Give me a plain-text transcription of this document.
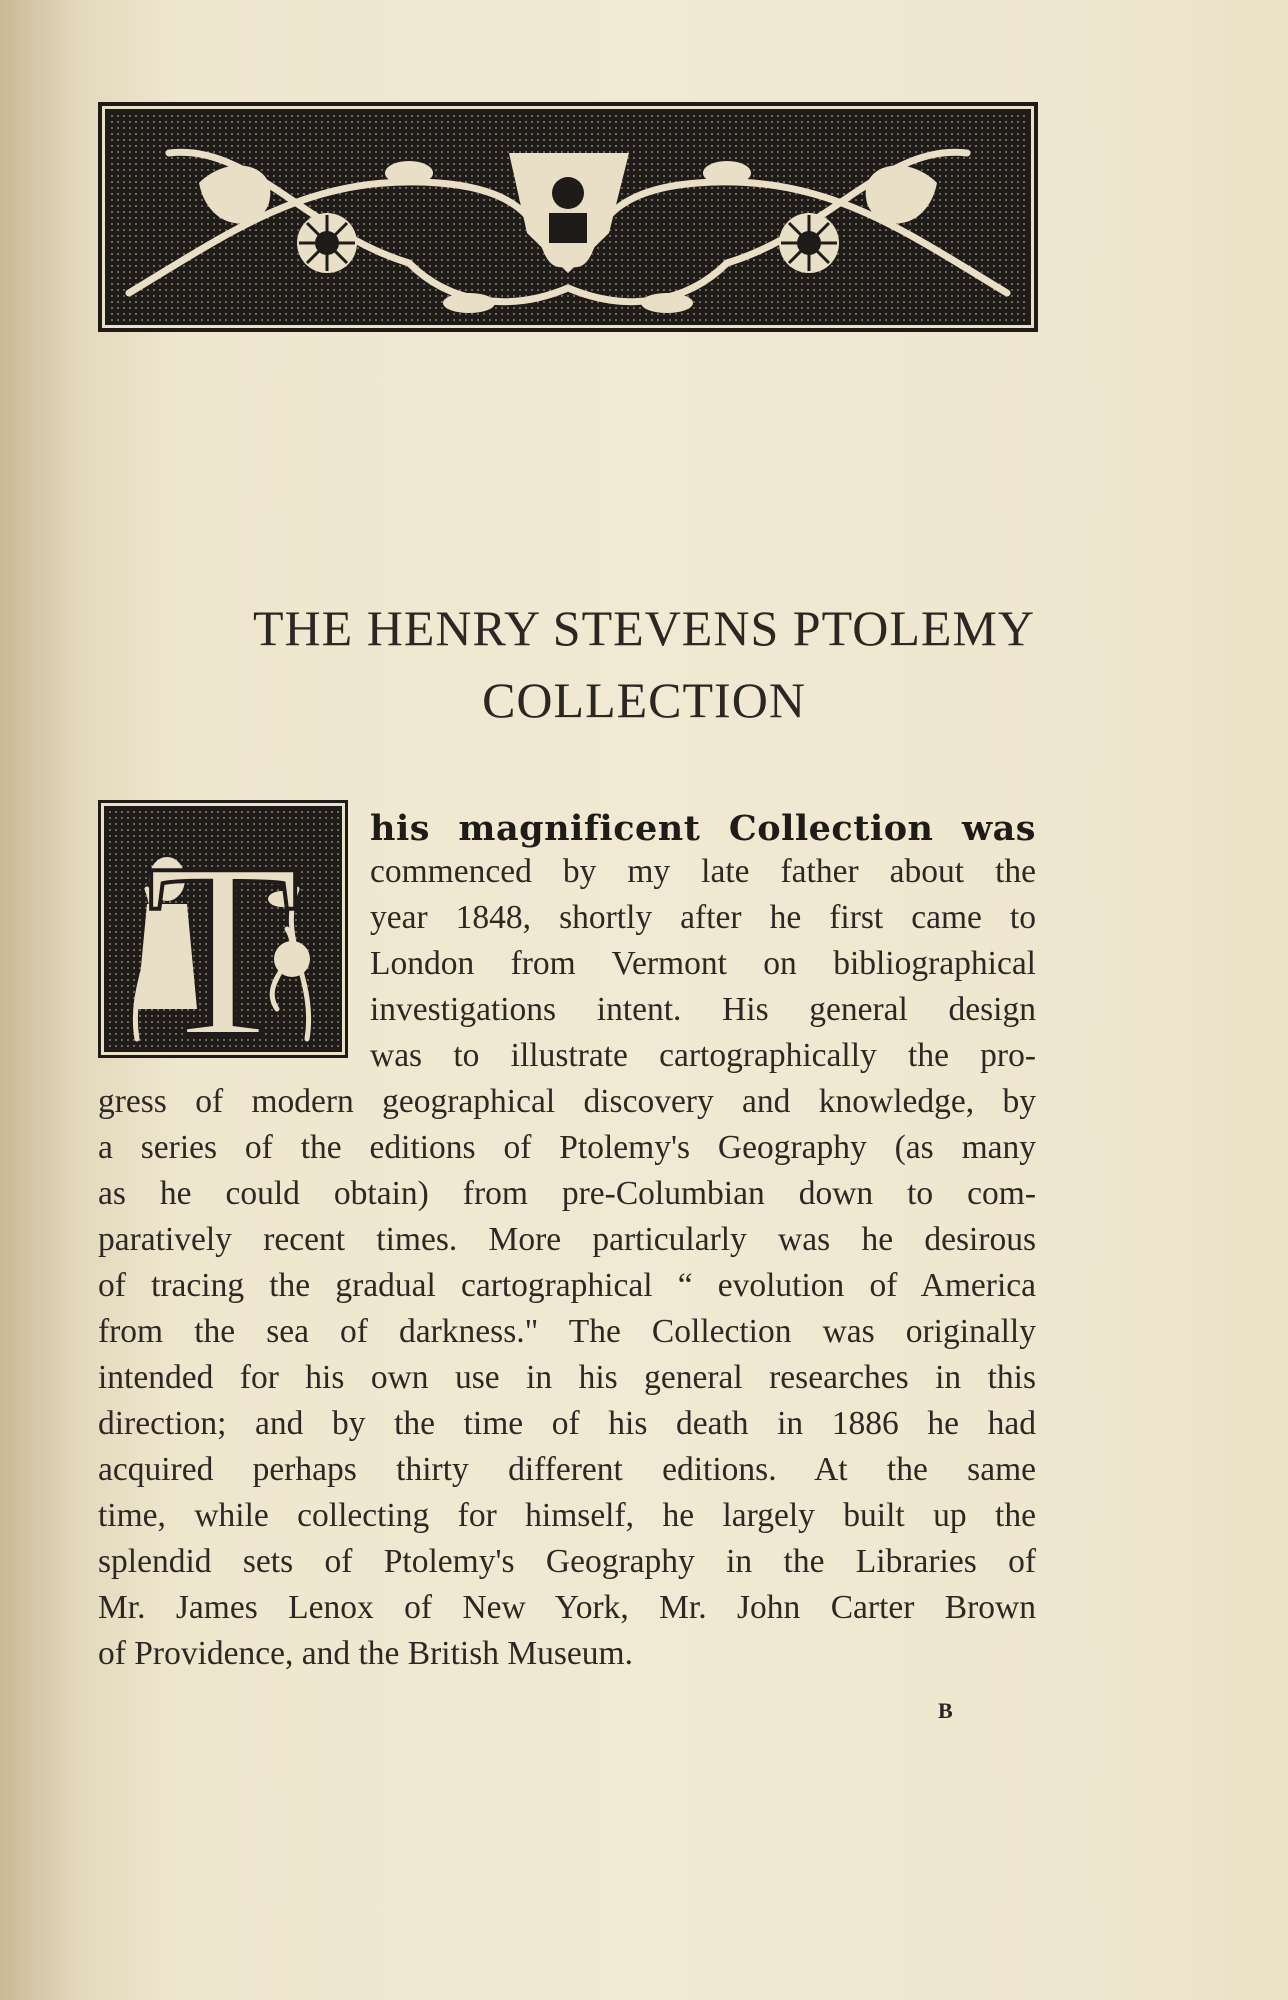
THE HENRY STEVENS PTOLEMY
COLLECTION
T his magnificent Collection was
commenced by my late father about the
year 1848, shortly after he first came to
London from Vermont on bibliographical
investigations intent. His general design
was to illustrate cartographically the pro-
gress of modern geographical discovery and knowledge, by
a series of the editions of Ptolemy's Geography (as many
as he could obtain) from pre-Columbian down to com-
paratively recent times. More particularly was he desirous
of tracing the gradual cartographical “ evolution of America
from the sea of darkness." The Collection was originally
intended for his own use in his general researches in this
direction; and by the time of his death in 1886 he had
acquired perhaps thirty different editions. At the same
time, while collecting for himself, he largely built up the
splendid sets of Ptolemy's Geography in the Libraries of
Mr. James Lenox of New York, Mr. John Carter Brown
of Providence, and the British Museum.
B
